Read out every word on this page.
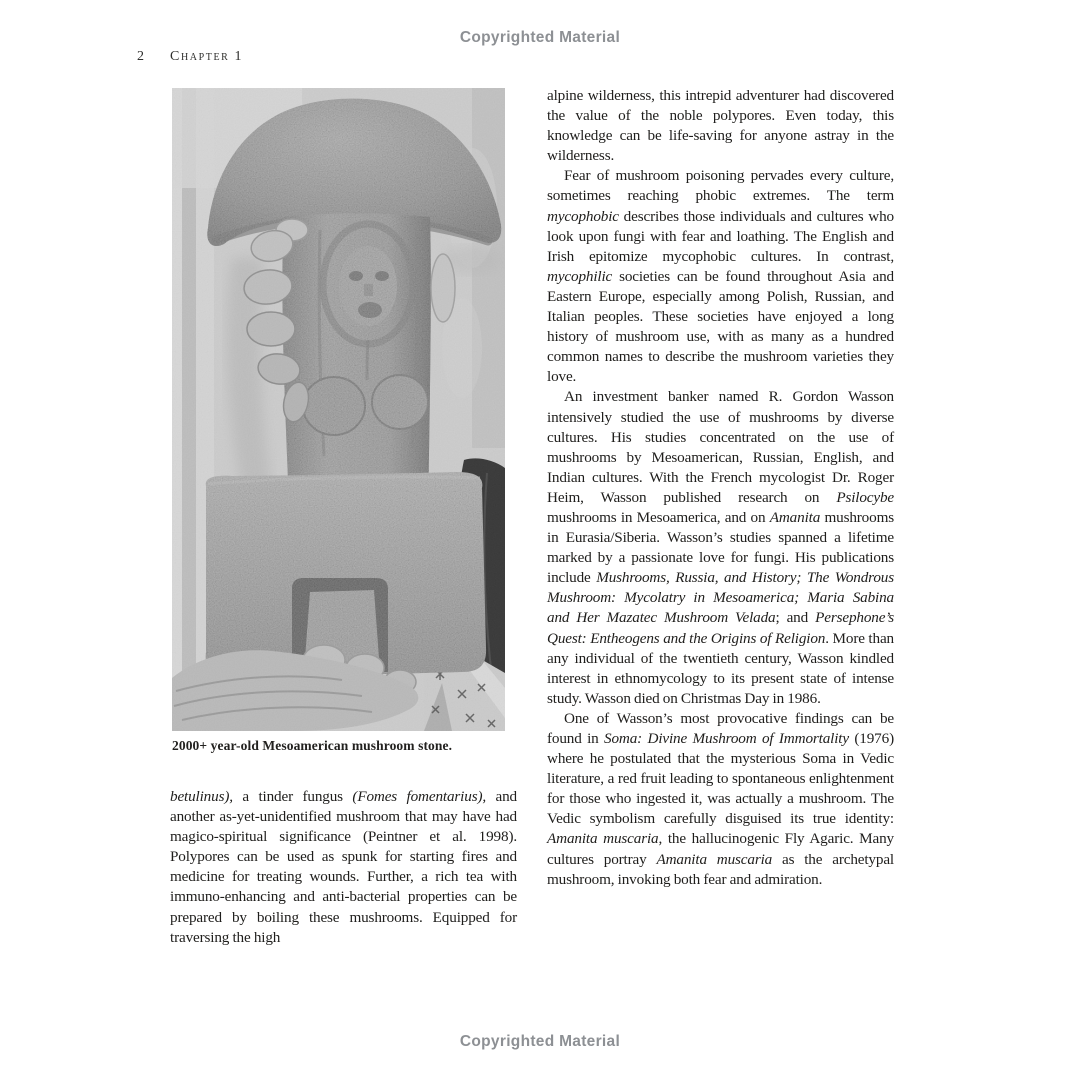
Copyrighted Material
2 Chapter 1
2000+ year-old Mesoamerican mushroom stone.

betulinus), a tinder fungus (Fomes fomentarius), and another as-yet-unidentified mushroom that may have had magico-spiritual significance (Peintner et al. 1998). Polypores can be used as spunk for starting fires and medicine for treating wounds. Further, a rich tea with immuno-enhancing and anti-bacterial properties can be prepared by boiling these mushrooms. Equipped for traversing the high

alpine wilderness, this intrepid adventurer had discovered the value of the noble polypores. Even today, this knowledge can be life-saving for anyone astray in the wilderness.

Fear of mushroom poisoning pervades every culture, sometimes reaching phobic extremes. The term mycophobic describes those individuals and cultures who look upon fungi with fear and loathing. The English and Irish epitomize mycophobic cultures. In contrast, mycophilic societies can be found throughout Asia and Eastern Europe, especially among Polish, Russian, and Italian peoples. These societies have enjoyed a long history of mushroom use, with as many as a hundred common names to describe the mushroom varieties they love.

An investment banker named R. Gordon Wasson intensively studied the use of mushrooms by diverse cultures. His studies concentrated on the use of mushrooms by Mesoamerican, Russian, English, and Indian cultures. With the French mycologist Dr. Roger Heim, Wasson published research on Psilocybe mushrooms in Mesoamerica, and on Amanita mushrooms in Eurasia/Siberia. Wasson’s studies spanned a lifetime marked by a passionate love for fungi. His publications include Mushrooms, Russia, and History; The Wondrous Mushroom: Mycolatry in Mesoamerica; Maria Sabina and Her Mazatec Mushroom Velada; and Persephone’s Quest: Entheogens and the Origins of Religion. More than any individual of the twentieth century, Wasson kindled interest in ethnomycology to its present state of intense study. Wasson died on Christmas Day in 1986.

One of Wasson’s most provocative findings can be found in Soma: Divine Mushroom of Immortality (1976) where he postulated that the mysterious Soma in Vedic literature, a red fruit leading to spontaneous enlightenment for those who ingested it, was actually a mushroom. The Vedic symbolism carefully disguised its true identity: Amanita muscaria, the hallucinogenic Fly Agaric. Many cultures portray Amanita muscaria as the archetypal mushroom, invoking both fear and admiration.

Copyrighted Material
